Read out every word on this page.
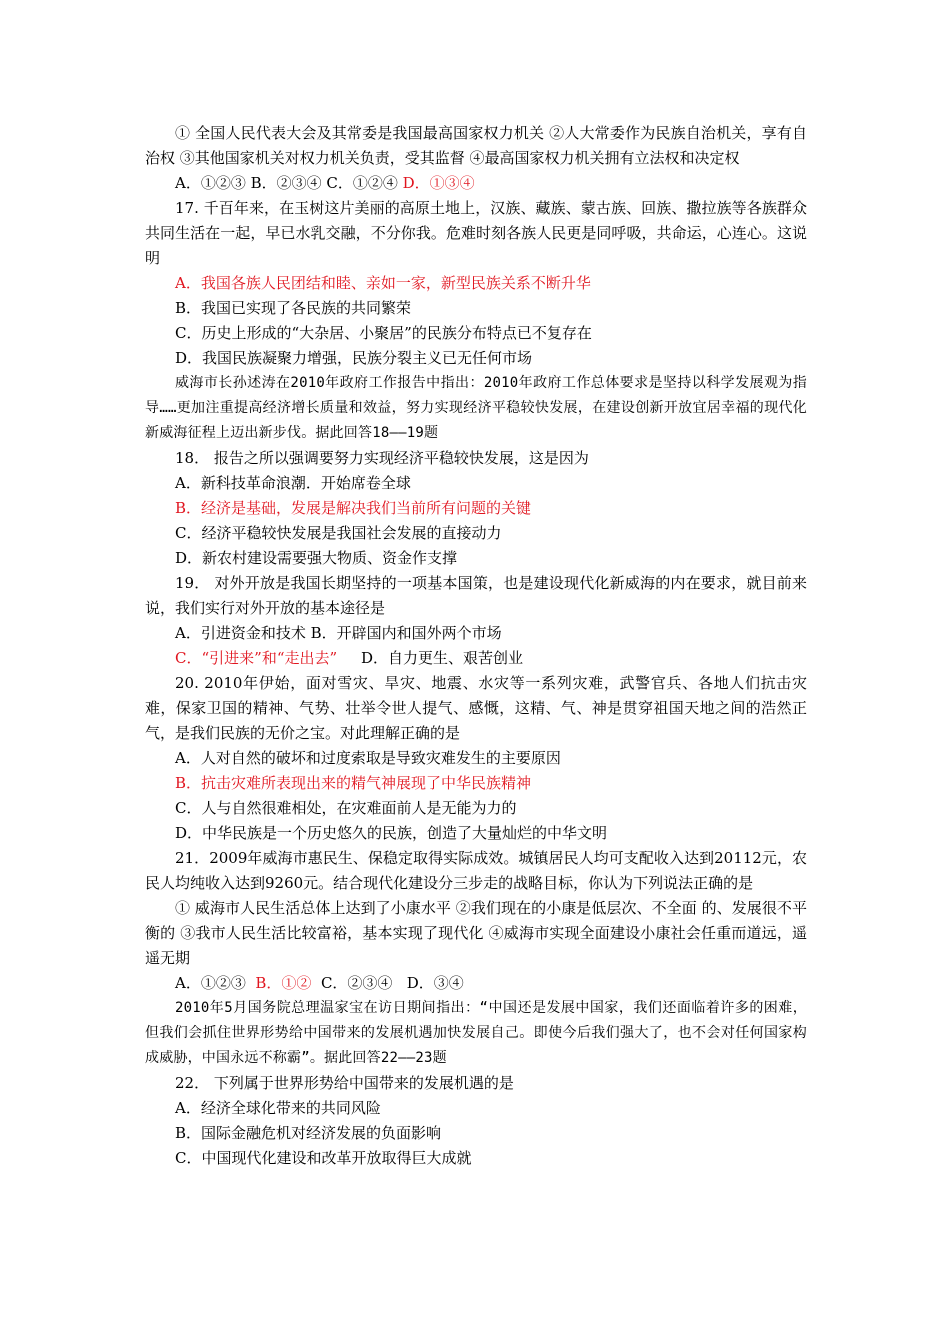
① 全国人民代表大会及其常委是我国最高国家权力机关 ②人大常委作为民族自治机关，享有自治权 ③其他国家机关对权力机关负责，受其监督 ④最高国家权力机关拥有立法权和决定权

A．①②③ B．②③④ C．①②④ D．①③④

17. 千百年来，在玉树这片美丽的高原土地上，汉族、藏族、蒙古族、回族、撒拉族等各族群众共同生活在一起，早已水乳交融，不分你我。危难时刻各族人民更是同呼吸，共命运，心连心。这说明

A．我国各族人民团结和睦、亲如一家，新型民族关系不断升华

B．我国已实现了各民族的共同繁荣

C．历史上形成的“大杂居、小聚居”的民族分布特点已不复存在

D．我国民族凝聚力增强，民族分裂主义已无任何市场

威海市长孙述涛在2010年政府工作报告中指出：2010年政府工作总体要求是坚持以科学发展观为指导……更加注重提高经济增长质量和效益，努力实现经济平稳较快发展，在建设创新开放宜居幸福的现代化新威海征程上迈出新步伐。据此回答18——19题

18． 报告之所以强调要努力实现经济平稳较快发展，这是因为

A．新科技革命浪潮．开始席卷全球

B．经济是基础，发展是解决我们当前所有问题的关键

C．经济平稳较快发展是我国社会发展的直接动力

D．新农村建设需要强大物质、资金作支撑

19． 对外开放是我国长期坚持的一项基本国策，也是建设现代化新威海的内在要求，就目前来说，我们实行对外开放的基本途径是

A．引进资金和技术 B．开辟国内和国外两个市场

C．“引进来”和“走出去”     D．自力更生、艰苦创业

20. 2010年伊始，面对雪灾、旱灾、地震、水灾等一系列灾难，武警官兵、各地人们抗击灾难，保家卫国的精神、气势、壮举令世人提气、感慨，这精、气、神是贯穿祖国天地之间的浩然正气，是我们民族的无价之宝。对此理解正确的是

A．人对自然的破坏和过度索取是导致灾难发生的主要原因

B．抗击灾难所表现出来的精气神展现了中华民族精神

C．人与自然很难相处，在灾难面前人是无能为力的

D．中华民族是一个历史悠久的民族，创造了大量灿烂的中华文明

21．2009年威海市惠民生、保稳定取得实际成效。城镇居民人均可支配收入达到20112元，农民人均纯收入达到9260元。结合现代化建设分三步走的战略目标，你认为下列说法正确的是

① 威海市人民生活总体上达到了小康水平 ②我们现在的小康是低层次、不全面 的、发展很不平衡的 ③我市人民生活比较富裕，基本实现了现代化 ④威海市实现全面建设小康社会任重而道远，遥遥无期

A．①②③  B．①②  C．②③④   D．③④

2010年5月国务院总理温家宝在访日期间指出：“中国还是发展中国家，我们还面临着许多的困难，但我们会抓住世界形势给中国带来的发展机遇加快发展自己。即使今后我们强大了，也不会对任何国家构成威胁，中国永远不称霸”。据此回答22——23题

22． 下列属于世界形势给中国带来的发展机遇的是

A．经济全球化带来的共同风险

B．国际金融危机对经济发展的负面影响

C．中国现代化建设和改革开放取得巨大成就
